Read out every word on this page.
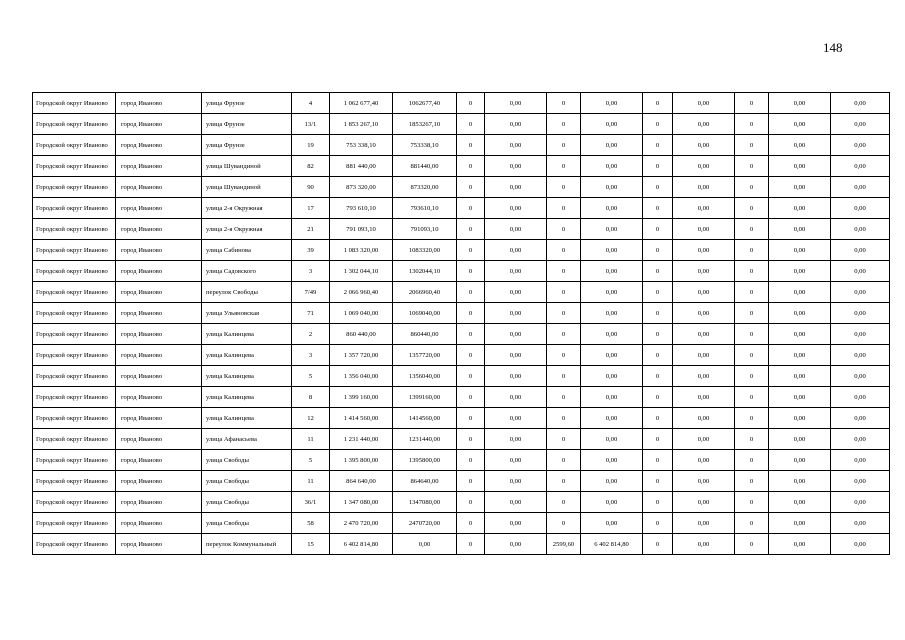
148
Городской округ Иваново	город Иваново	улица Фрунзе	4	1 062 677,40	1062677,40	0	0,00	0	0,00	0	0,00	0	0,00	0,00
Городской округ Иваново	город Иваново	улица Фрунзе	13/1	1 853 267,10	1853267,10	0	0,00	0	0,00	0	0,00	0	0,00	0,00
Городской округ Иваново	город Иваново	улица Фрунзе	19	753 338,10	753338,10	0	0,00	0	0,00	0	0,00	0	0,00	0,00
Городской округ Иваново	город Иваново	улица Шувандиной	82	881 440,00	881440,00	0	0,00	0	0,00	0	0,00	0	0,00	0,00
Городской округ Иваново	город Иваново	улица Шувандиной	90	873 320,00	873320,00	0	0,00	0	0,00	0	0,00	0	0,00	0,00
Городской округ Иваново	город Иваново	улица 2-я Окружная	17	793 610,10	793610,10	0	0,00	0	0,00	0	0,00	0	0,00	0,00
Городской округ Иваново	город Иваново	улица 2-я Окружная	21	791 093,10	791093,10	0	0,00	0	0,00	0	0,00	0	0,00	0,00
Городской округ Иваново	город Иваново	улица Сабинова	39	1 083 320,00	1083320,00	0	0,00	0	0,00	0	0,00	0	0,00	0,00
Городской округ Иваново	город Иваново	улица Садовского	3	1 302 044,10	1302044,10	0	0,00	0	0,00	0	0,00	0	0,00	0,00
Городской округ Иваново	город Иваново	переулок Свободы	7/49	2 066 960,40	2066960,40	0	0,00	0	0,00	0	0,00	0	0,00	0,00
Городской округ Иваново	город Иваново	улица Ульяновская	71	1 069 040,00	1069040,00	0	0,00	0	0,00	0	0,00	0	0,00	0,00
Городской округ Иваново	город Иваново	улица Калинцева	2	860 440,00	860440,00	0	0,00	0	0,00	0	0,00	0	0,00	0,00
Городской округ Иваново	город Иваново	улица Калинцева	3	1 357 720,00	1357720,00	0	0,00	0	0,00	0	0,00	0	0,00	0,00
Городской округ Иваново	город Иваново	улица Калинцева	5	1 356 040,00	1356040,00	0	0,00	0	0,00	0	0,00	0	0,00	0,00
Городской округ Иваново	город Иваново	улица Калинцева	8	1 399 160,00	1399160,00	0	0,00	0	0,00	0	0,00	0	0,00	0,00
Городской округ Иваново	город Иваново	улица Калинцева	12	1 414 560,00	1414560,00	0	0,00	0	0,00	0	0,00	0	0,00	0,00
Городской округ Иваново	город Иваново	улица Афанасьева	11	1 231 440,00	1231440,00	0	0,00	0	0,00	0	0,00	0	0,00	0,00
Городской округ Иваново	город Иваново	улица Свободы	5	1 395 800,00	1395800,00	0	0,00	0	0,00	0	0,00	0	0,00	0,00
Городской округ Иваново	город Иваново	улица Свободы	11	864 640,00	864640,00	0	0,00	0	0,00	0	0,00	0	0,00	0,00
Городской округ Иваново	город Иваново	улица Свободы	36/1	1 347 080,00	1347080,00	0	0,00	0	0,00	0	0,00	0	0,00	0,00
Городской округ Иваново	город Иваново	улица Свободы	58	2 470 720,00	2470720,00	0	0,00	0	0,00	0	0,00	0	0,00	0,00
Городской округ Иваново	город Иваново	переулок Коммунальный	15	6 402 814,80	0,00	0	0,00	2599,60	6 402 814,80	0	0,00	0	0,00	0,00
